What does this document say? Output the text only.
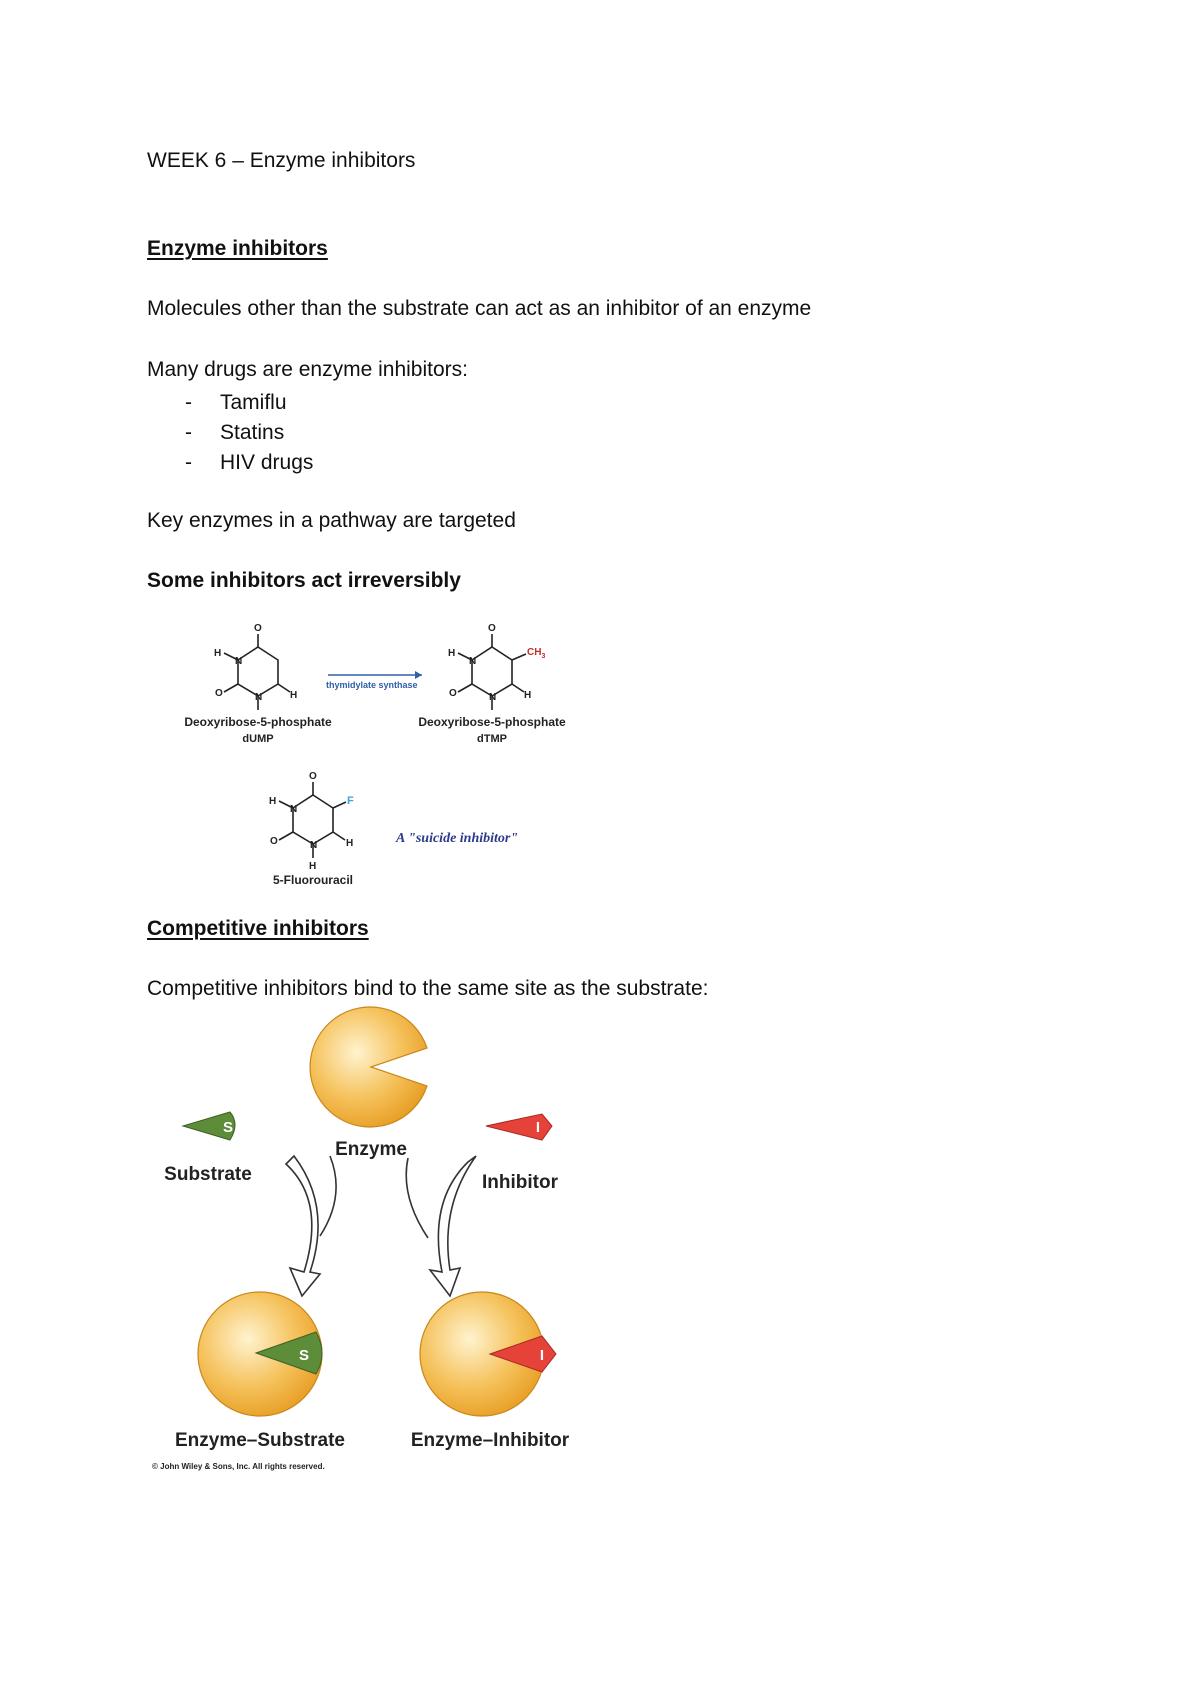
WEEK 6 – Enzyme inhibitors

Enzyme inhibitors

Molecules other than the substrate can act as an inhibitor of an enzyme

Many drugs are enzyme inhibitors:

- Tamiflu
- Statins
- HIV drugs

Key enzymes in a pathway are targeted

Some inhibitors act irreversibly

O
H
N
O	N	H
O
H
N
O	N	H
O
H
N
O	N	H
H
$CH_3$
F
thymidylate synthase
Deoxyribose-5-phosphate
dUMP
Deoxyribose-5-phosphate
dTMP
5-Fluorouracil
A "suicide inhibitor"

Competitive inhibitors

Competitive inhibitors bind to the same site as the substrate:

Enzyme
S
Substrate
I
Inhibitor
S
Enzyme–Substrate
I
Enzyme–Inhibitor
© John Wiley & Sons, Inc. All rights reserved.
